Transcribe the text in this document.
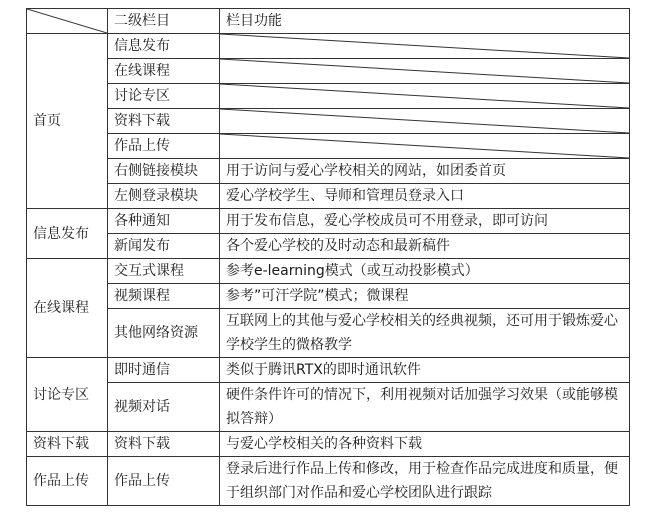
	二级栏目	栏目功能
首页	信息发布	

	在线课程	

	讨论专区	

	资料下载	

	作品上传	

	右侧链接模块	用于访问与爱心学校相关的网站，如团委首页
	左侧登录模块	爱心学校学生、导师和管理员登录入口
信息发布	各种通知	用于发布信息，爱心学校成员可不用登录，即可访问
	新闻发布	各个爱心学校的及时动态和最新稿件
在线课程	交互式课程	参考e-learning模式（或互动投影模式）
	视频课程	参考”可汗学院”模式；微课程
	其他网络资源	互联网上的其他与爱心学校相关的经典视频，还可用于锻炼爱心学校学生的微格教学
讨论专区	即时通信	类似于腾讯RTX的即时通讯软件
	视频对话	硬件条件许可的情况下，利用视频对话加强学习效果（或能够模拟答辩）
资料下载	资料下载	与爱心学校相关的各种资料下载
作品上传	作品上传	登录后进行作品上传和修改，用于检查作品完成进度和质量，便于组织部门对作品和爱心学校团队进行跟踪
